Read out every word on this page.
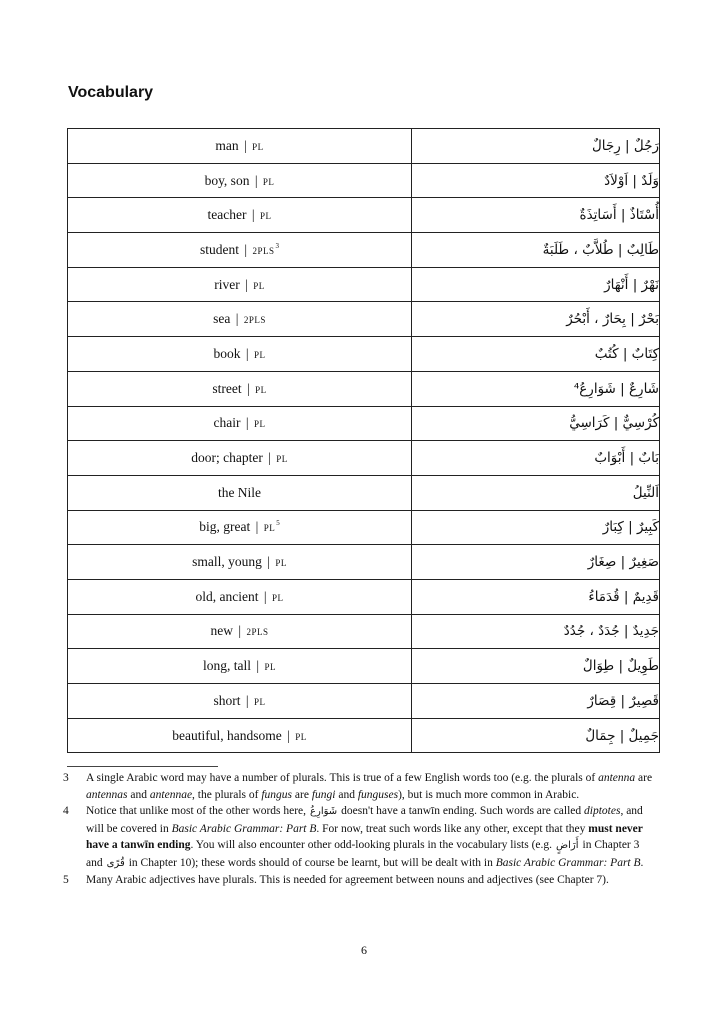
Vocabulary
man | PL	رَجُلٌ | رِجَالٌ
boy, son | PL	وَلَدٌ | اَوْلاَدٌ
teacher | PL	أُسْتَاذٌ | أَسَاتِذَةٌ
student | 2PLS$^3$	طَالِبٌ | طُلاَّبٌ ، طَلَبَةٌ
river | PL	نَهْرٌ | أَنْهَارٌ
sea | 2PLS	بَحْرٌ | بِحَارٌ ، أَبْحُرٌ
book | PL	كِتَابٌ | كُتُبٌ
street | PL	شَارِعٌ | شَوَارِعُ⁴
chair | PL	كُرْسِيٌّ | كَرَاسِيُّ
door; chapter | PL	بَابٌ | أَبْوَابٌ
the Nile	اَلنِّيلُ
big, great | PL$^5$	كَبِيرٌ | كِبَارٌ
small, young | PL	صَغِيرٌ | صِغَارٌ
old, ancient | PL	قَدِيمٌ | قُدَمَاءُ
new | 2PLS	جَدِيدٌ | جُدَدٌ ، جُدُدٌ
long, tall | PL	طَوِيلٌ | طِوَالٌ
short | PL	قَصِيرٌ | قِصَارٌ
beautiful, handsome | PL	جَمِيلٌ | جِمَالٌ
3 A single Arabic word may have a number of plurals. This is true of a few English words too (e.g. the plurals of antenna are antennas and antennae, the plurals of fungus are fungi and funguses), but is much more common in Arabic.
4 Notice that unlike most of the other words here, شَوَارِعُ doesn't have a tanwīn ending. Such words are called diptotes, and will be covered in Basic Arabic Grammar: Part B. For now, treat such words like any other, except that they must never have a tanwīn ending. You will also encounter other odd-looking plurals in the vocabulary lists (e.g. أَرَاضٍ in Chapter 3 and قُرًى in Chapter 10); these words should of course be learnt, but will be dealt with in Basic Arabic Grammar: Part B.
5 Many Arabic adjectives have plurals. This is needed for agreement between nouns and adjectives (see Chapter 7).
6
